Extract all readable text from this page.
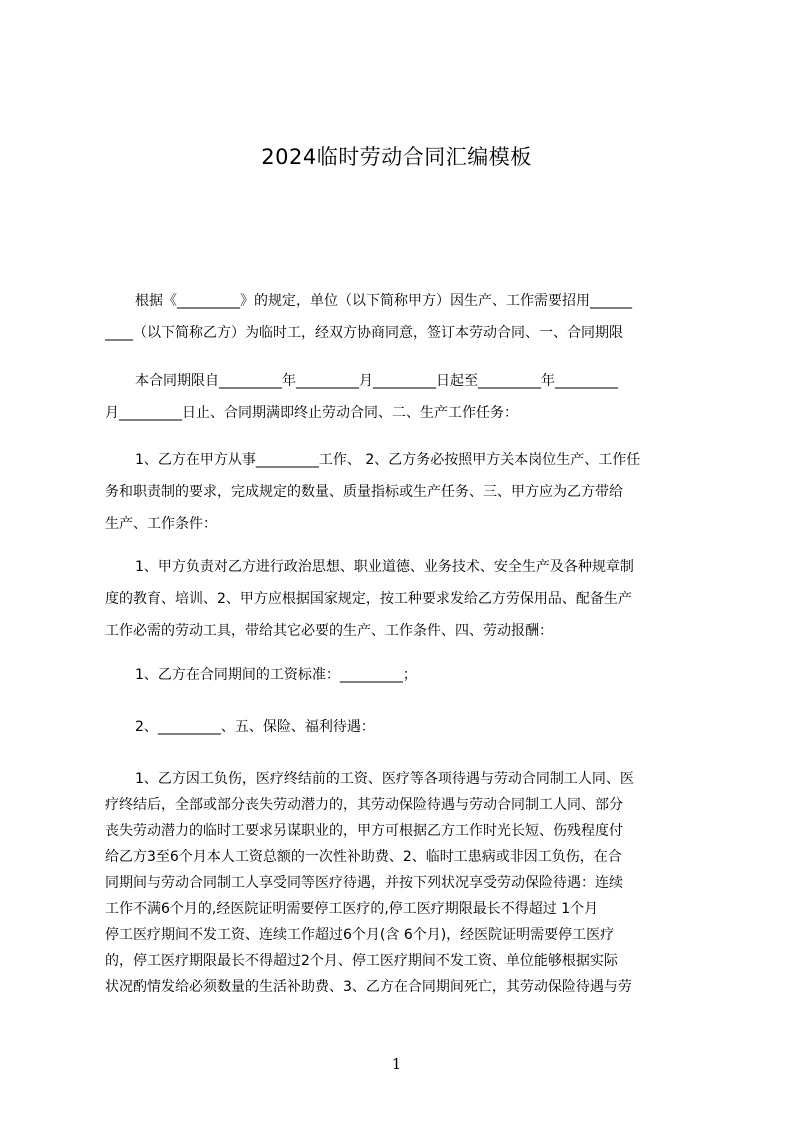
2024临时劳动合同汇编模板
根据《_________》的规定，单位（以下简称甲方）因生产、工作需要招用______
____（以下简称乙方）为临时工，经双方协商同意，签订本劳动合同、一、合同期限
本合同期限自_________年_________月_________日起至_________年_________
月_________日止、合同期满即终止劳动合同、二、生产工作任务：
1、乙方在甲方从事_________工作、 2、乙方务必按照甲方关本岗位生产、工作任
务和职责制的要求，完成规定的数量、质量指标或生产任务、三、甲方应为乙方带给
生产、工作条件：
1、甲方负责对乙方进行政治思想、职业道德、业务技术、安全生产及各种规章制
度的教育、培训、2、甲方应根据国家规定，按工种要求发给乙方劳保用品、配备生产
工作必需的劳动工具，带给其它必要的生产、工作条件、四、劳动报酬：
1、乙方在合同期间的工资标准：_________；
2、_________、五、保险、福利待遇：
1、乙方因工负伤，医疗终结前的工资、医疗等各项待遇与劳动合同制工人同、医
疗终结后，全部或部分丧失劳动潜力的，其劳动保险待遇与劳动合同制工人同、部分
丧失劳动潜力的临时工要求另谋职业的，甲方可根据乙方工作时光长短、伤残程度付
给乙方3至6个月本人工资总额的一次性补助费、2、临时工患病或非因工负伤，在合
同期间与劳动合同制工人享受同等医疗待遇，并按下列状况享受劳动保险待遇：连续
工作不满6个月的,经医院证明需要停工医疗的,停工医疗期限最长不得超过 1个月
停工医疗期间不发工资、连续工作超过6个月(含 6个月)，经医院证明需要停工医疗
的，停工医疗期限最长不得超过2个月、停工医疗期间不发工资、单位能够根据实际
状况酌情发给必须数量的生活补助费、3、乙方在合同期间死亡，其劳动保险待遇与劳
1
